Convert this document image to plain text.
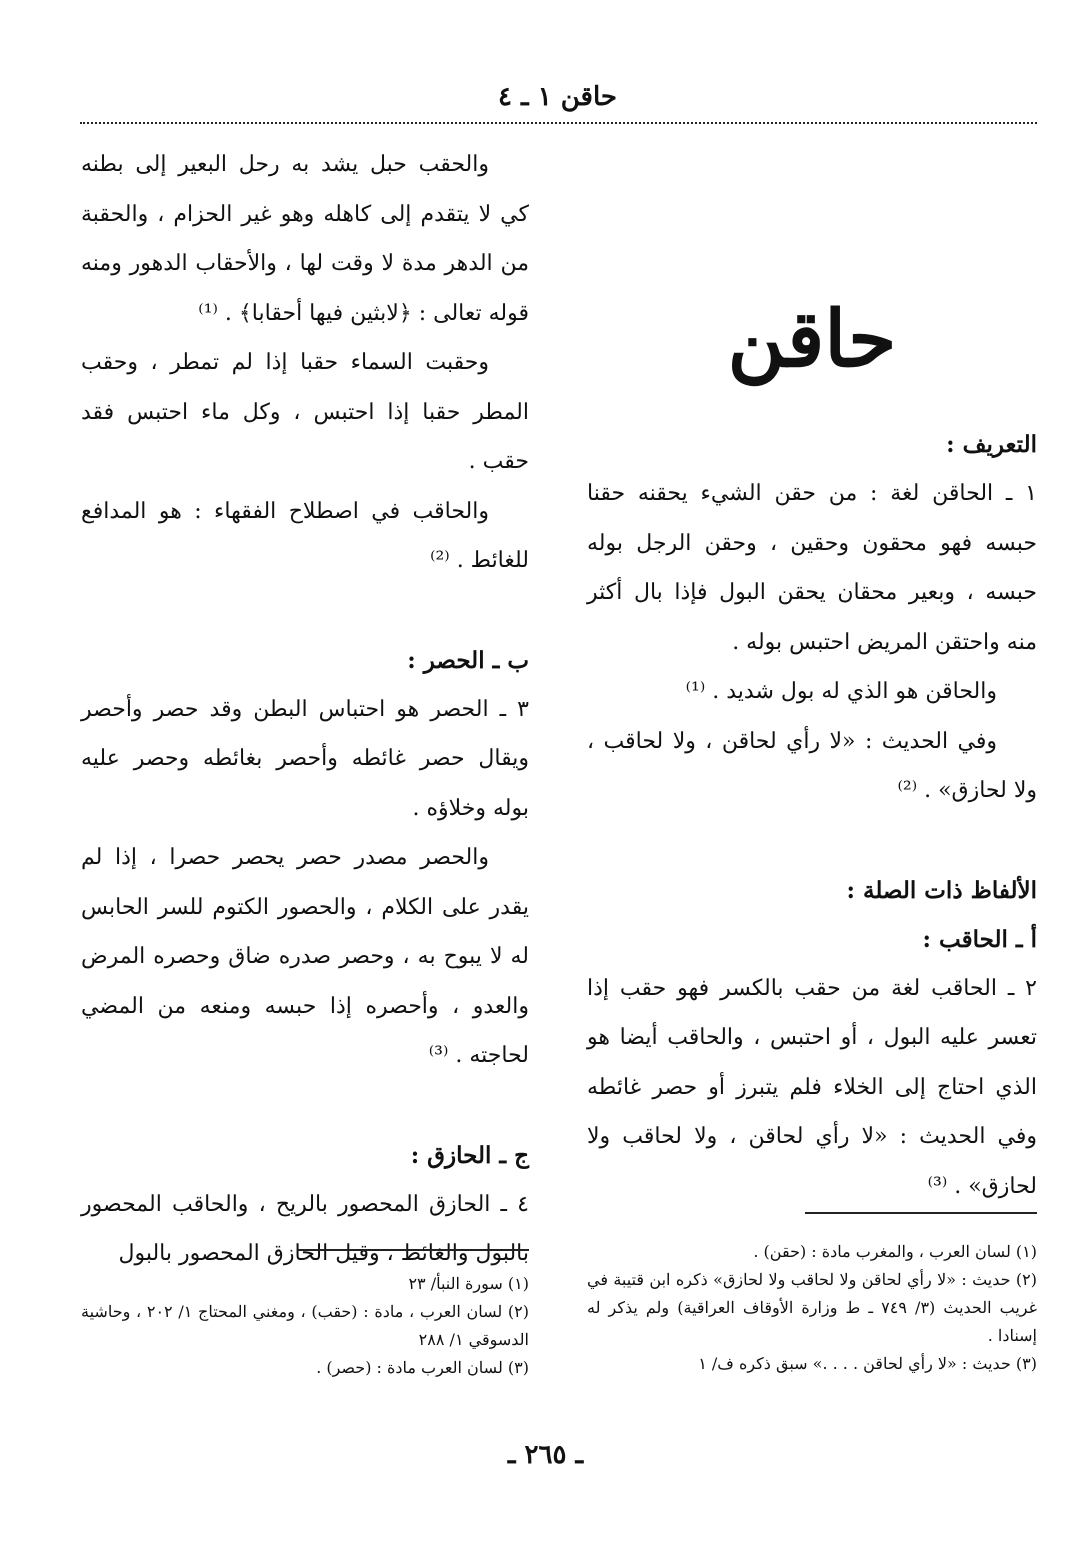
حاقن ١ ـ ٤
حاقن
التعريف :

١ ـ الحاقن لغة : من حقن الشيء يحقنه حقنا حبسه فهو محقون وحقين ، وحقن الرجل بوله حبسه ، وبعير محقان يحقن البول فإذا بال أكثر منه واحتقن المريض احتبس بوله .

والحاقن هو الذي له بول شديد . ⁽¹⁾

وفي الحديث : «لا رأي لحاقن ، ولا لحاقب ، ولا لحازق» . ⁽²⁾

الألفاظ ذات الصلة :
أ ـ الحاقب :

٢ ـ الحاقب لغة من حقب بالكسر فهو حقب إذا تعسر عليه البول ، أو احتبس ، والحاقب أيضا هو الذي احتاج إلى الخلاء فلم يتبرز أو حصر غائطه وفي الحديث : «لا رأي لحاقن ، ولا لحاقب ولا لحازق» . ⁽³⁾

والحقب حبل يشد به رحل البعير إلى بطنه كي لا يتقدم إلى كاهله وهو غير الحزام ، والحقبة من الدهر مدة لا وقت لها ، والأحقاب الدهور ومنه قوله تعالى : ﴿لابثين فيها أحقابا﴾ . ⁽¹⁾

وحقبت السماء حقبا إذا لم تمطر ، وحقب المطر حقبا إذا احتبس ، وكل ماء احتبس فقد حقب .

والحاقب في اصطلاح الفقهاء : هو المدافع للغائط . ⁽²⁾

ب ـ الحصر :

٣ ـ الحصر هو احتباس البطن وقد حصر وأحصر ويقال حصر غائطه وأحصر بغائطه وحصر عليه بوله وخلاؤه .

والحصر مصدر حصر يحصر حصرا ، إذا لم يقدر على الكلام ، والحصور الكتوم للسر الحابس له لا يبوح به ، وحصر صدره ضاق وحصره المرض والعدو ، وأحصره إذا حبسه ومنعه من المضي لحاجته . ⁽³⁾

ج ـ الحازق :

٤ ـ الحازق المحصور بالريح ، والحاقب المحصور بالبول والغائط ، وقيل الحازق المحصور بالبول	(١) لسان العرب ، والمغرب مادة : (حقن) .

(٢) حديث : «لا رأي لحاقن ولا لحاقب ولا لحازق» ذكره ابن قتيبة في غريب الحديث (٣/ ٧٤٩ ـ ط وزارة الأوقاف العراقية) ولم يذكر له إسنادا .

(٣) حديث : «لا رأي لحاقن . . . .» سبق ذكره ف/ ١

(١) سورة النبأ/ ٢٣

(٢) لسان العرب ، مادة : (حقب) ، ومغني المحتاج ١/ ٢٠٢ ، وحاشية الدسوقي ١/ ٢٨٨

(٣) لسان العرب مادة : (حصر) .

ـ ٢٦٥ ـ
